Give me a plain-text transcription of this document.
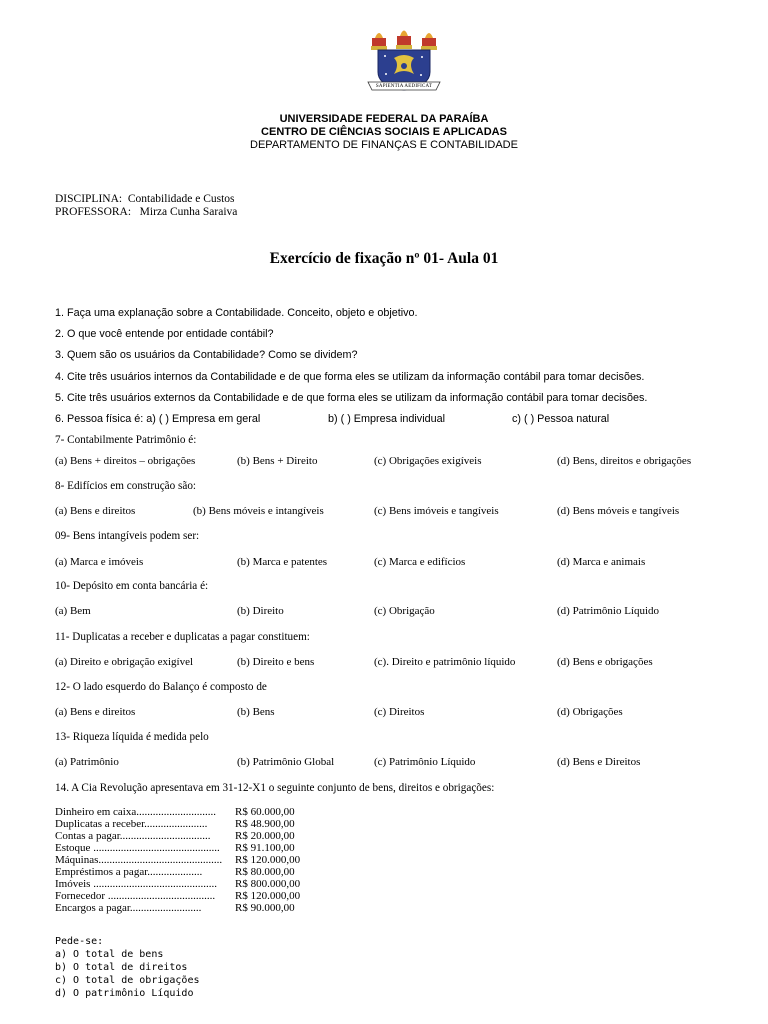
SAPIENTIA AEDIFICAT
UNIVERSIDADE FEDERAL DA PARAÍBA
CENTRO DE CIÊNCIAS SOCIAIS E APLICADAS
DEPARTAMENTO DE FINANÇAS E CONTABILIDADE
DISCIPLINA:  Contabilidade e Custos
PROFESSORA:   Mirza Cunha Saraiva
Exercício de fixação nº 01- Aula 01
1. Faça uma explanação sobre a Contabilidade. Conceito, objeto e objetivo.
2. O que você entende por entidade contábil?
3. Quem são os usuários da Contabilidade? Como se dividem?
4. Cite três usuários internos da Contabilidade e de que forma eles se utilizam da informação contábil para tomar decisões.
5. Cite três usuários externos da Contabilidade e de que forma eles se utilizam da informação contábil para tomar decisões.
6. Pessoa física é: a) ( ) Empresa em geral	b) ( ) Empresa individual	c) ( ) Pessoa natural
7- Contabilmente Patrimônio é:
(a) Bens + direitos – obrigações	(b) Bens + Direito	(c) Obrigações exigíveis	(d) Bens, direitos e obrigações
8- Edifícios em construção são:
(a) Bens e direitos	(b) Bens móveis e intangíveis	(c) Bens imóveis e tangíveis	(d) Bens móveis e tangíveis
09- Bens intangíveis podem ser:
(a) Marca e imóveis	(b) Marca e patentes	(c) Marca e edifícios	(d) Marca e animais
10- Depósito em conta bancária é:
(a) Bem	(b) Direito	(c) Obrigação	(d) Patrimônio Líquido
11- Duplicatas a receber e duplicatas a pagar constituem:
(a) Direito e obrigação exigível	(b) Direito e bens	(c). Direito e patrimônio líquido	(d) Bens e obrigações
12- O lado esquerdo do Balanço é composto de
(a) Bens e direitos	(b) Bens	(c) Direitos	(d) Obrigações
13- Riqueza líquida é medida pelo
(a) Patrimônio	(b) Patrimônio Global	(c) Patrimônio Líquido	(d) Bens e Direitos
14. A Cia Revolução apresentava em 31-12-X1 o seguinte conjunto de bens, direitos e obrigações:
Dinheiro em caixa.............................	R$ 60.000,00
Duplicatas a receber.......................	R$ 48.900,00
Contas a pagar.................................	R$ 20.000,00
Estoque ..............................................	R$ 91.100,00
Máquinas.............................................	R$ 120.000,00
Empréstimos a pagar....................	R$ 80.000,00
Imóveis .............................................	R$ 800.000,00
Fornecedor .......................................	R$ 120.000,00
Encargos a pagar..........................	R$ 90.000,00
Pede-se:
a) O total de bens
b) O total de direitos
c) O total de obrigações
d) O patrimônio Líquido
